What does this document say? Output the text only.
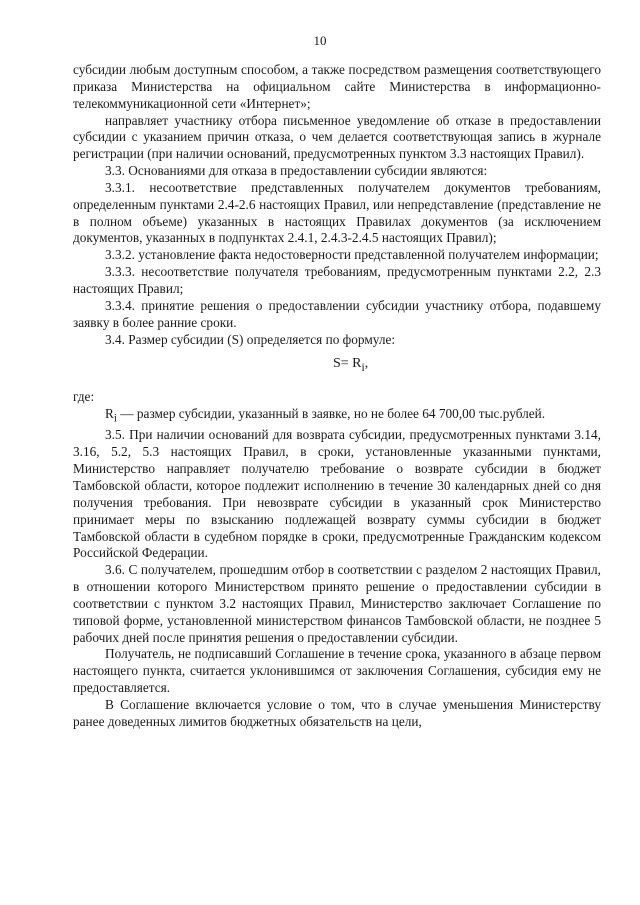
10

субсидии любым доступным способом, а также посредством размещения соответствующего приказа Министерства на официальном сайте Министерства в информационно-телекоммуникационной сети «Интернет»;

направляет участнику отбора письменное уведомление об отказе в предоставлении субсидии с указанием причин отказа, о чем делается соответствующая запись в журнале регистрации (при наличии оснований, предусмотренных пунктом 3.3 настоящих Правил).

3.3. Основаниями для отказа в предоставлении субсидии являются:

3.3.1. несоответствие представленных получателем документов требованиям, определенным пунктами 2.4-2.6 настоящих Правил, или непредставление (представление не в полном объеме) указанных в настоящих Правилах документов (за исключением документов, указанных в подпунктах 2.4.1, 2.4.3-2.4.5 настоящих Правил);

3.3.2. установление факта недостоверности представленной получателем информации;

3.3.3. несоответствие получателя требованиям, предусмотренным пунктами 2.2, 2.3 настоящих Правил;

3.3.4. принятие решения о предоставлении субсидии участнику отбора, подавшему заявку в более ранние сроки.

3.4. Размер субсидии (S) определяется по формуле:

$S= R_i$,

где:

$R_i$ — размер субсидии, указанный в заявке, но не более 64 700,00 тыс.рублей.

3.5. При наличии оснований для возврата субсидии, предусмотренных пунктами 3.14, 3.16, 5.2, 5.3 настоящих Правил, в сроки, установленные указанными пунктами, Министерство направляет получателю требование о возврате субсидии в бюджет Тамбовской области, которое подлежит исполнению в течение 30 календарных дней со дня получения требования. При невозврате субсидии в указанный срок Министерство принимает меры по взысканию подлежащей возврату суммы субсидии в бюджет Тамбовской области в судебном порядке в сроки, предусмотренные Гражданским кодексом Российской Федерации.

3.6. С получателем, прошедшим отбор в соответствии с разделом 2 настоящих Правил, в отношении которого Министерством принято решение о предоставлении субсидии в соответствии с пунктом 3.2 настоящих Правил, Министерство заключает Соглашение по типовой форме, установленной министерством финансов Тамбовской области, не позднее 5 рабочих дней после принятия решения о предоставлении субсидии.

Получатель, не подписавший Соглашение в течение срока, указанного в абзаце первом настоящего пункта, считается уклонившимся от заключения Соглашения, субсидия ему не предоставляется.

В Соглашение включается условие о том, что в случае уменьшения Министерству ранее доведенных лимитов бюджетных обязательств на цели,
